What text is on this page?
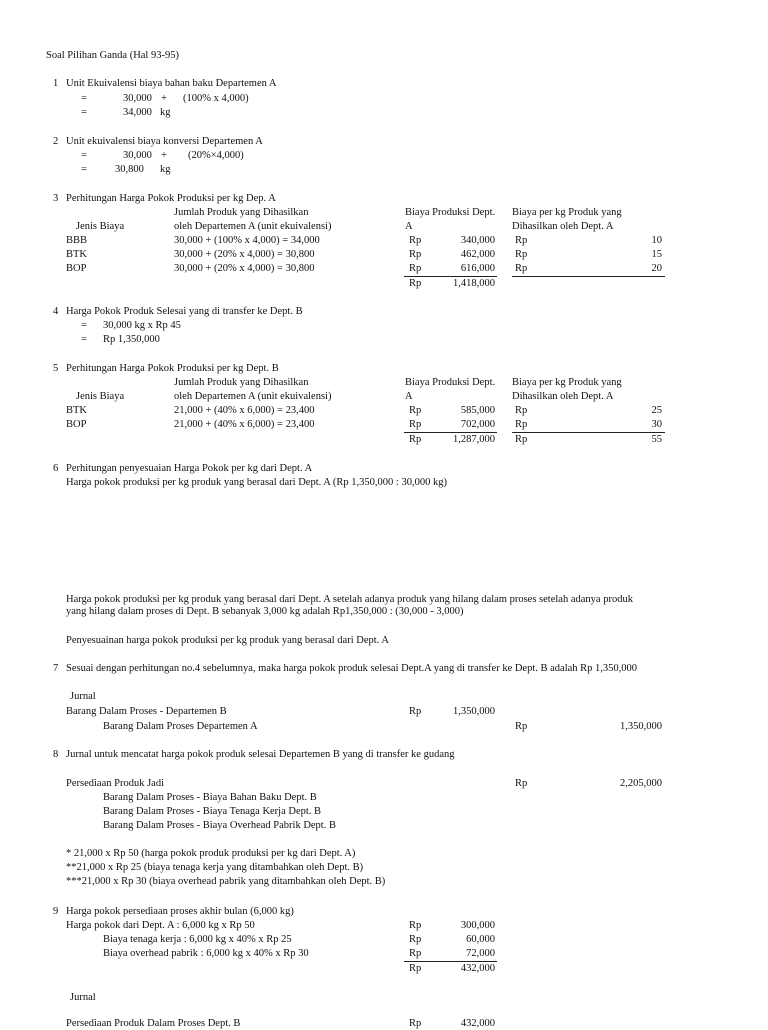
Soal Pilihan Ganda (Hal 93-95)
1 Unit Ekuivalensi biaya bahan baku Departemen A
=	30,000 + (100% x 4,000)
=	34,000 kg
2 Unit ekuivalensi biaya konversi Departemen A
=	30,000 + (20%×4,000)
=	30,800 kg
3 Perhitungan Harga Pokok Produksi per kg Dep. A
Jumlah Produk yang Dihasilkan	Biaya Produksi Dept. Biaya per kg Produk yang
Jenis Biaya	oleh Departemen A (unit ekuivalensi)	A	Dihasilkan oleh Dept. A
BBB	30,000 + (100% x 4,000) = 34,000	Rp	340,000 Rp	10
BTK	30,000 + (20% x 4,000) = 30,800	Rp	462,000 Rp	15
BOP	30,000 + (20% x 4,000) = 30,800	Rp	616,000 Rp	20
Rp	1,418,000
4 Harga Pokok Produk Selesai yang di transfer ke Dept. B
= 30,000 kg x Rp 45
= Rp 1,350,000
5 Perhitungan Harga Pokok Produksi per kg Dept. B
Jumlah Produk yang Dihasilkan	Biaya Produksi Dept. Biaya per kg Produk yang
Jenis Biaya	oleh Departemen A (unit ekuivalensi)	A	Dihasilkan oleh Dept. A
BTK	21,000 + (40% x 6,000) = 23,400	Rp	585,000 Rp	25
BOP	21,000 + (40% x 6,000) = 23,400	Rp	702,000 Rp	30
Rp	1,287,000 Rp	55
6 Perhitungan penyesuaian Harga Pokok per kg dari Dept. A
Harga pokok produksi per kg produk yang berasal dari Dept. A (Rp 1,350,000 : 30,000 kg)
Harga pokok produksi per kg produk yang berasal dari Dept. A setelah adanya produk yang hilang dalam proses setelah adanya produk
yang hilang dalam proses di Dept. B sebanyak 3,000 kg adalah Rp1,350,000 : (30,000 - 3,000)
Penyesuainan harga pokok produksi per kg produk yang berasal dari Dept. A
7 Sesuai dengan perhitungan no.4 sebelumnya, maka harga pokok produk selesai Dept.A yang di transfer ke Dept. B adalah Rp 1,350,000
Jurnal
Barang Dalam Proses - Departemen B	Rp	1,350,000
Barang Dalam Proses Departemen A	Rp	1,350,000
8 Jurnal untuk mencatat harga pokok produk selesai Departemen B yang di transfer ke gudang
Persediaan Produk Jadi	Rp	2,205,000
Barang Dalam Proses - Biaya Bahan Baku Dept. B
Barang Dalam Proses - Biaya Tenaga Kerja Dept. B
Barang Dalam Proses - Biaya Overhead Pabrik Dept. B
* 21,000 x Rp 50 (harga pokok produk produksi per kg dari Dept. A)
**21,000 x Rp 25 (biaya tenaga kerja yang ditambahkan oleh Dept. B)
***21,000 x Rp 30 (biaya overhead pabrik yang ditambahkan oleh Dept. B)
9 Harga pokok persediaan proses akhir bulan (6,000 kg)
Harga pokok dari Dept. A : 6,000 kg x Rp 50	Rp	300,000
Biaya tenaga kerja : 6,000 kg x 40% x Rp 25	Rp	60,000
Biaya overhead pabrik : 6,000 kg x 40% x Rp 30	Rp	72,000
Rp	432,000
Jurnal
Persediaan Produk Dalam Proses Dept. B	Rp	432,000
